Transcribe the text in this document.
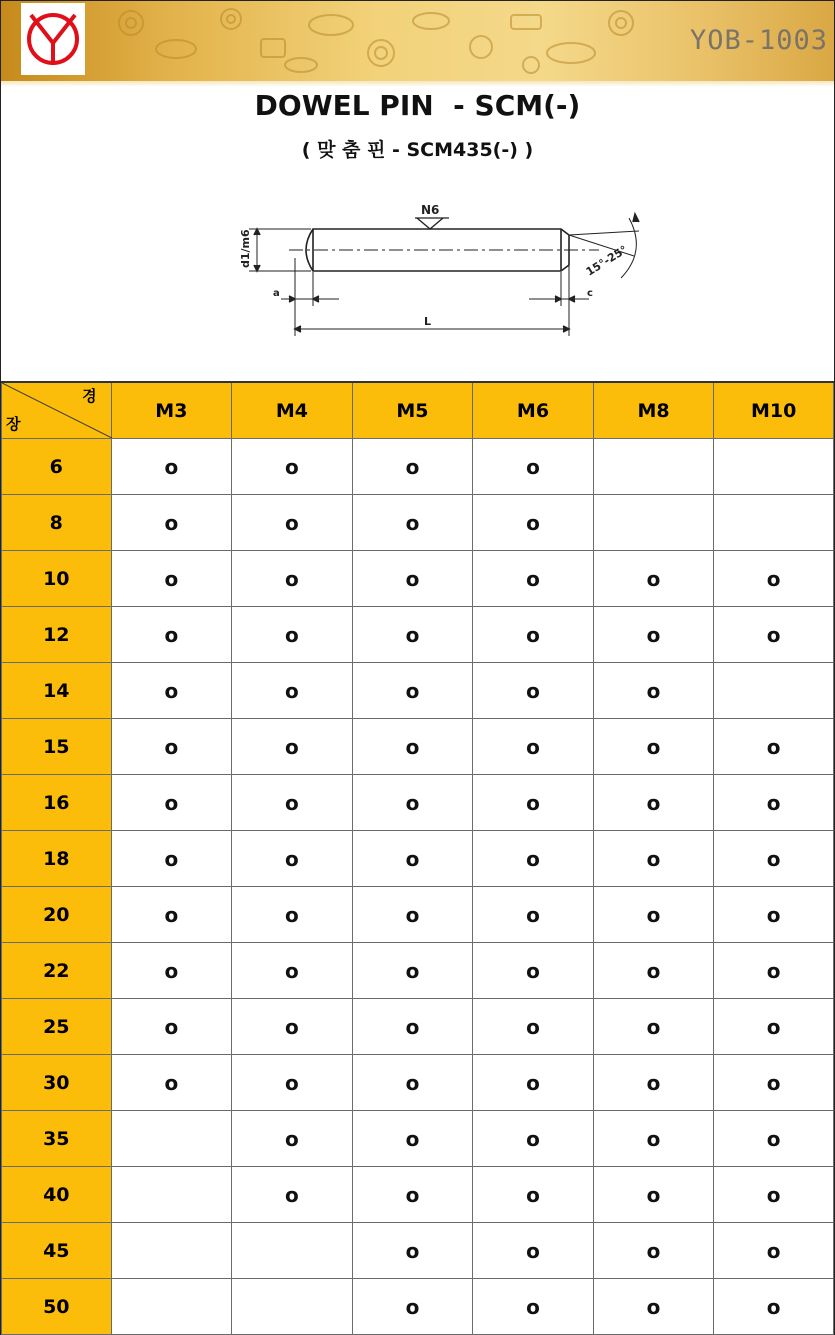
YOB-1003
DOWEL PIN  - SCM(-)
( 맞 춤 핀 - SCM435(-) )
N6
d1/m6
a	c
L
15°-25°
경
장	M3	M4	M5	M6	M8	M10
6	o	o	o	o		
8	o	o	o	o		
10	o	o	o	o	o	o
12	o	o	o	o	o	o
14	o	o	o	o	o	
15	o	o	o	o	o	o
16	o	o	o	o	o	o
18	o	o	o	o	o	o
20	o	o	o	o	o	o
22	o	o	o	o	o	o
25	o	o	o	o	o	o
30	o	o	o	o	o	o
35		o	o	o	o	o
40		o	o	o	o	o
45			o	o	o	o
50			o	o	o	o
